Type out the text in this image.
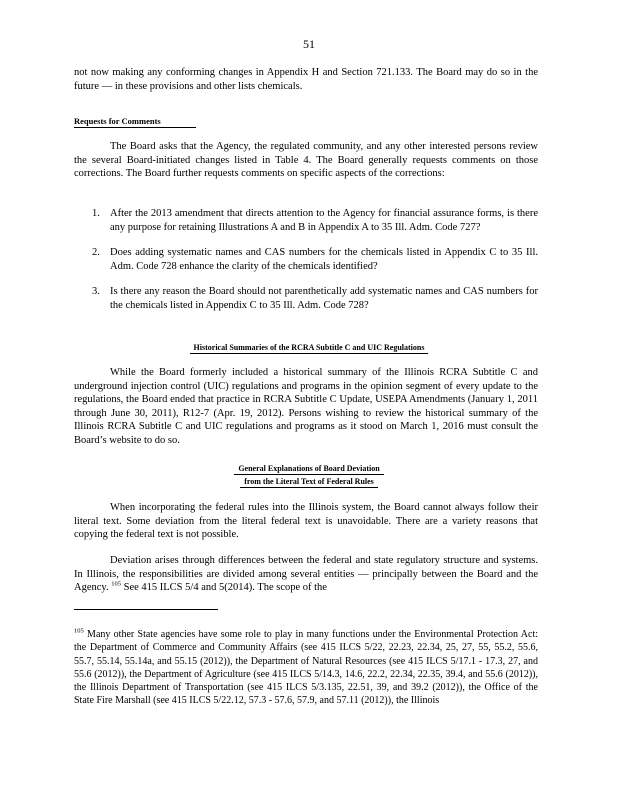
51

not now making any conforming changes in Appendix H and Section 721.133. The Board may do so in the future — in these provisions and other lists chemicals.

Requests for Comments

The Board asks that the Agency, the regulated community, and any other interested persons review the several Board-initiated changes listed in Table 4. The Board generally requests comments on those corrections. The Board further requests comments on specific aspects of the corrections:

1. After the 2013 amendment that directs attention to the Agency for financial assurance forms, is there any purpose for retaining Illustrations A and B in Appendix A to 35 Ill. Adm. Code 727?
2. Does adding systematic names and CAS numbers for the chemicals listed in Appendix C to 35 Ill. Adm. Code 728 enhance the clarity of the chemicals identified?
3. Is there any reason the Board should not parenthetically add systematic names and CAS numbers for the chemicals listed in Appendix C to 35 Ill. Adm. Code 728?
Historical Summaries of the RCRA Subtitle C and UIC Regulations

While the Board formerly included a historical summary of the Illinois RCRA Subtitle C and underground injection control (UIC) regulations and programs in the opinion segment of every update to the regulations, the Board ended that practice in RCRA Subtitle C Update, USEPA Amendments (January 1, 2011 through June 30, 2011), R12-7 (Apr. 19, 2012). Persons wishing to review the historical summary of the Illinois RCRA Subtitle C and UIC regulations and programs as it stood on March 1, 2016 must consult the Board’s website to do so.

General Explanations of Board Deviation
from the Literal Text of Federal Rules

When incorporating the federal rules into the Illinois system, the Board cannot always follow their literal text. Some deviation from the literal federal text is unavoidable. There are a variety reasons that copying the federal text is not possible.

Deviation arises through differences between the federal and state regulatory structure and systems. In Illinois, the responsibilities are divided among several entities — principally between the Board and the Agency. $^{105}$ See 415 ILCS 5/4 and 5(2014). The scope of the

$^{105}$ Many other State agencies have some role to play in many functions under the Environmental Protection Act: the Department of Commerce and Community Affairs (see 415 ILCS 5/22, 22.23, 22.34, 25, 27, 55, 55.2, 55.6, 55.7, 55.14, 55.14a, and 55.15 (2012)), the Department of Natural Resources (see 415 ILCS 5/17.1 - 17.3, 27, and 55.6 (2012)), the Department of Agriculture (see 415 ILCS 5/14.3, 14.6, 22.2, 22.34, 22.35, 39.4, and 55.6 (2012)), the Illinois Department of Transportation (see 415 ILCS 5/3.135, 22.51, 39, and 39.2 (2012)), the Office of the State Fire Marshall (see 415 ILCS 5/22.12, 57.3 - 57.6, 57.9, and 57.11 (2012)), the Illinois
